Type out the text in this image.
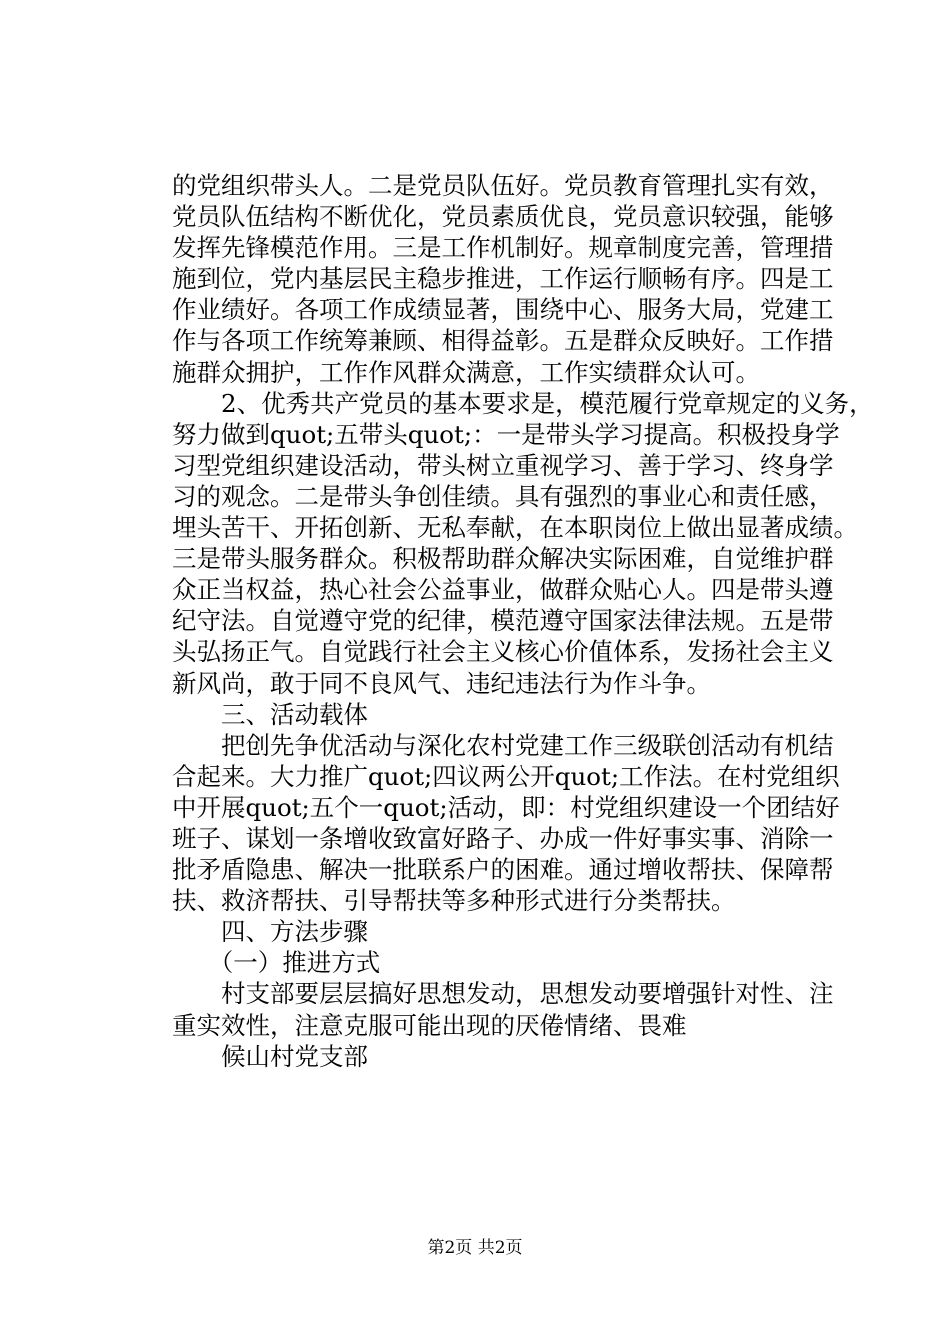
的党组织带头人。二是党员队伍好。党员教育管理扎实有效，
党员队伍结构不断优化，党员素质优良，党员意识较强，能够
发挥先锋模范作用。三是工作机制好。规章制度完善，管理措
施到位，党内基层民主稳步推进，工作运行顺畅有序。四是工
作业绩好。各项工作成绩显著，围绕中心、服务大局，党建工
作与各项工作统筹兼顾、相得益彰。五是群众反映好。工作措
施群众拥护，工作作风群众满意，工作实绩群众认可。
　　2、优秀共产党员的基本要求是，模范履行党章规定的义务，
努力做到quot;五带头quot;：一是带头学习提高。积极投身学
习型党组织建设活动，带头树立重视学习、善于学习、终身学
习的观念。二是带头争创佳绩。具有强烈的事业心和责任感，
埋头苦干、开拓创新、无私奉献，在本职岗位上做出显著成绩。
三是带头服务群众。积极帮助群众解决实际困难，自觉维护群
众正当权益，热心社会公益事业，做群众贴心人。四是带头遵
纪守法。自觉遵守党的纪律，模范遵守国家法律法规。五是带
头弘扬正气。自觉践行社会主义核心价值体系，发扬社会主义
新风尚，敢于同不良风气、违纪违法行为作斗争。
　　三、活动载体
　　把创先争优活动与深化农村党建工作三级联创活动有机结
合起来。大力推广quot;四议两公开quot;工作法。在村党组织
中开展quot;五个一quot;活动，即：村党组织建设一个团结好
班子、谋划一条增收致富好路子、办成一件好事实事、消除一
批矛盾隐患、解决一批联系户的困难。通过增收帮扶、保障帮
扶、救济帮扶、引导帮扶等多种形式进行分类帮扶。
　　四、方法步骤
　　（一）推进方式
　　村支部要层层搞好思想发动，思想发动要增强针对性、注
重实效性，注意克服可能出现的厌倦情绪、畏难
　　候山村党支部
第2页 共2页
